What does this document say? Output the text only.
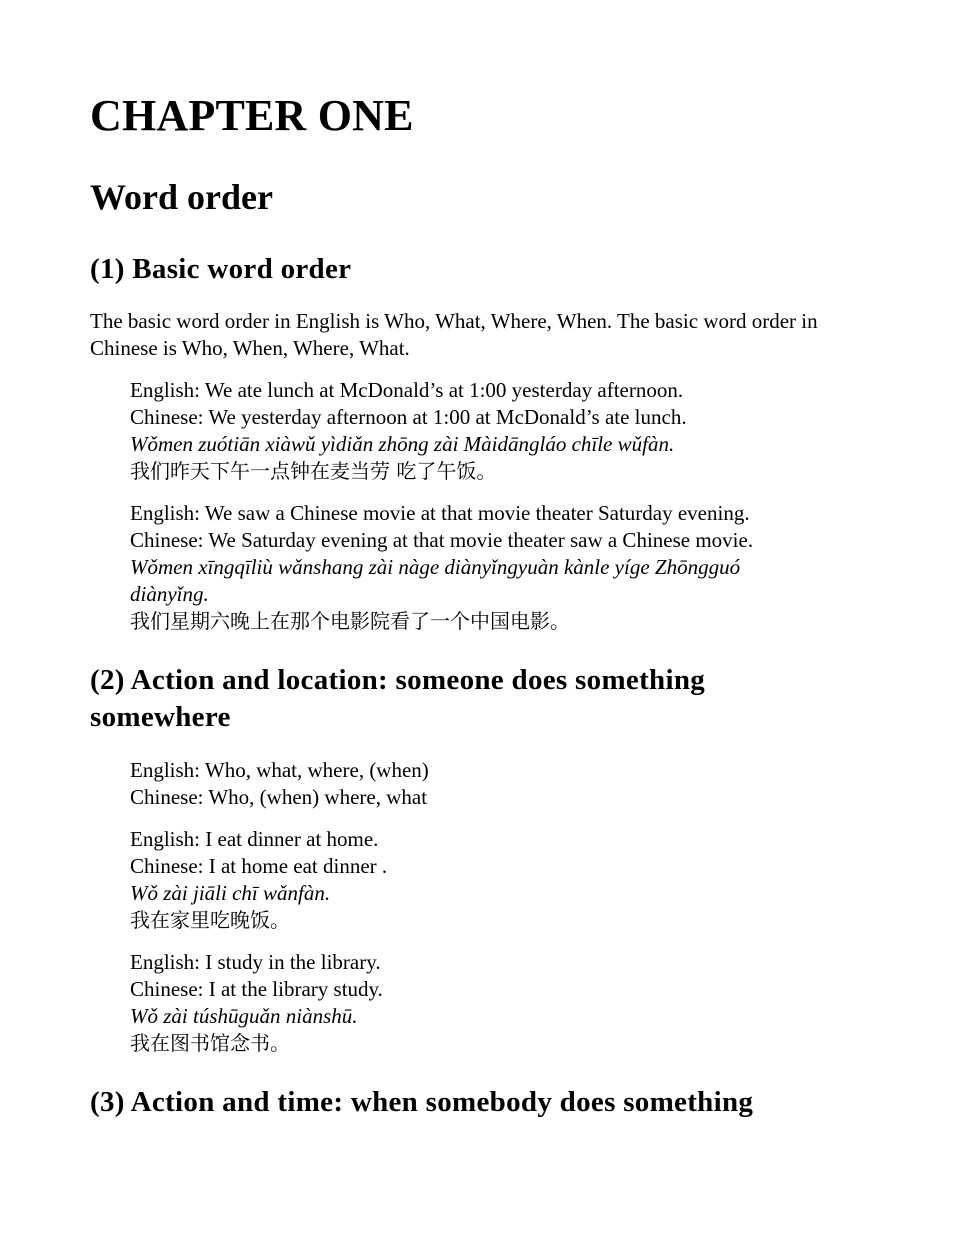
CHAPTER ONE
Word order
(1) Basic word order

The basic word order in English is Who, What, Where, When. The basic word order in Chinese is Who, When, Where, What.

English: We ate lunch at McDonald’s at 1:00 yesterday afternoon.
Chinese: We yesterday afternoon at 1:00 at McDonald’s ate lunch.
Wǒmen zuótiān xiàwǔ yìdiǎn zhōng zài Màidāngláo chīle wǔfàn.
我们昨天下午一点钟在麦当劳 吃了午饭。
English: We saw a Chinese movie at that movie theater Saturday evening.
Chinese: We Saturday evening at that movie theater saw a Chinese movie.
Wǒmen xīngqīliù wǎnshang zài nàge diànyǐngyuàn kànle yíge Zhōngguó diànyǐng.
我们星期六晚上在那个电影院看了一个中国电影。
(2) Action and location: someone does something somewhere
English: Who, what, where, (when)
Chinese: Who, (when) where, what
English: I eat dinner at home.
Chinese: I at home eat dinner .
Wǒ zài jiāli chī wǎnfàn.
我在家里吃晚饭。
English: I study in the library.
Chinese: I at the library study.
Wǒ zài túshūguǎn niànshū.
我在图书馆念书。
(3) Action and time: when somebody does something
